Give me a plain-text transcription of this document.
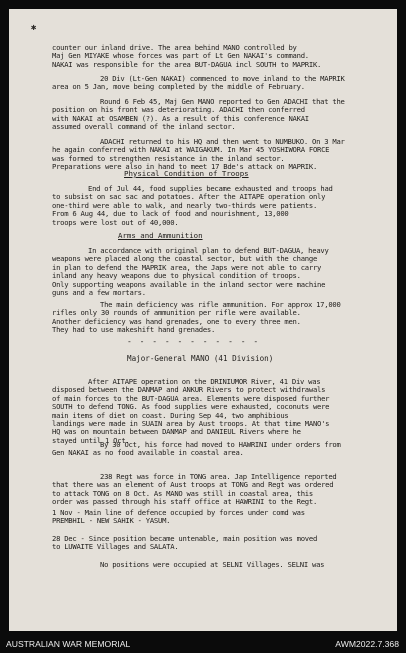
✱
counter our inland drive. The area behind MANO controlled by
Maj Gen MIYAKE whose forces was part of Lt Gen NAKAI's command.
NAKAI was responsible for the area BUT-DAGUA incl SOUTH to MAPRIK.
20 Div (Lt-Gen NAKAI) commenced to move inland to the MAPRIK
area on 5 Jan, move being completed by the middle of February.
Round 6 Feb 45, Maj Gen MANO reported to Gen ADACHI that the
position on his front was deteriorating. ADACHI then conferred
with NAKAI at OSAMBEN (?). As a result of this conference NAKAI
assumed overall command of the inland sector.
ADACHI returned to his HQ and then went to NUMBUKO. On 3 Mar
he again conferred with NAKAI at WAIGAKUM. In Mar 45 YOSHIWORA FORCE
was formed to strengthen resistance in the inland sector.
Preparations were also in hand to meet 17 Bde's attack on MAPRIK.
Physical Condition of Troops
End of Jul 44, food supplies became exhausted and troops had
to subsist on sac sac and potatoes. After the AITAPE operation only
one-third were able to walk, and nearly two-thirds were patients.
From 6 Aug 44, due to lack of food and nourishment, 13,000
troops were lost out of 40,000.
Arms and Ammunition
In accordance with original plan to defend BUT-DAGUA, heavy
weapons were placed along the coastal sector, but with the change
in plan to defend the MAPRIK area, the Japs were not able to carry
inland any heavy weapons due to physical condition of troops.
Only supporting weapons available in the inland sector were machine
guns and a few mortars.
The main deficiency was rifle ammunition. For approx 17,000
rifles only 30 rounds of ammunition per rifle were available.
Another deficiency was hand grenades, one to every three men.
They had to use makeshift hand grenades.
- - - - - - - - - - -
Major-General MANO (41 Division)
After AITAPE operation on the DRINIUMOR River, 41 Div was
disposed between the DANMAP and ANKUR Rivers to protect withdrawals
of main forces to the BUT-DAGUA area. Elements were disposed further
SOUTH to defend TONG. As food supplies were exhausted, coconuts were
main items of diet on coast. During Sep 44, two amphibious
landings were made in SUAIN area by Aust troops. At that time MANO's
HQ was on mountain between DANMAP and DANIEUL Rivers where he
stayed until 1 Oct.
By 30 Oct, his force had moved to HAWRINI under orders from
Gen NAKAI as no food available in coastal area.
238 Regt was force in TONG area. Jap Intelligence reported
that there was an element of Aust troops at TONG and Regt was ordered
to attack TONG on 8 Oct. As MANO was still in coastal area, this
order was passed through his staff office at HAWRINI to the Regt.
1 Nov - Main line of defence occupied by forces under comd was
PREMBHIL - NEW SAHIK - YASUM.
28 Dec - Since position became untenable, main position was moved
to LUWAITE Villages and SALATA.
No positions were occupied at SELNI Villages. SELNI was
AUSTRALIAN WAR MEMORIAL	AWM2022.7.368
